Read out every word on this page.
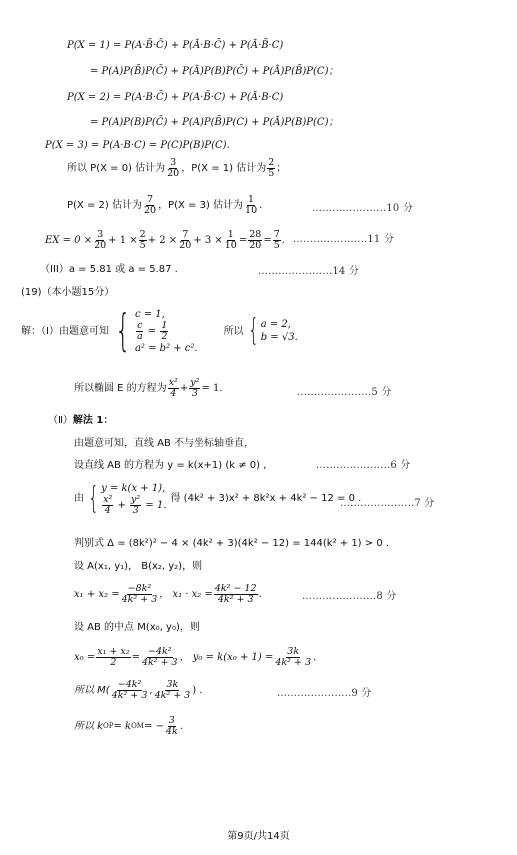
P(X = 1) = P(A·B̄·C̄) + P(Ā·B·C̄) + P(Ā·B̄·C)
= P(A)P(B̄)P(C̄) + P(Ā)P(B)P(C̄) + P(Ā)P(B̄)P(C)；
P(X = 2) = P(A·B·C̄) + P(A·B̄·C) + P(Ā·B·C)
= P(A)P(B)P(C̄) + P(A)P(B̄)P(C) + P(Ā)P(B)P(C)；
P(X = 3) = P(A·B·C) = P(C)P(B)P(C).
所以 P(X = 0) 估计为 $\frac{3}{20}$ ，P(X = 1) 估计为 $\frac{2}{5}$ ；
P(X = 2) 估计为 $\frac{7}{20}$ ，P(X = 3) 估计为 $\frac{1}{10}$ .	......................10 分
EX = $0 \times \frac{3}{20} + 1 \times \frac{2}{5} + 2 \times \frac{7}{20} + 3 \times \frac{1}{10} = \frac{28}{20} = \frac{7}{5}$ . ......................11 分
（III）a = 5.81 或 a = 5.87 .	......................14 分
(19)（本小题15分）
解：（Ⅰ）由题意可知 { c = 1,
$\frac{c}{a} = \frac{1}{2}$
a² = b² + c².
所以 { a = 2,
b = √3.
所以椭圆 E 的方程为 $\frac{\text{x²}}{4} + \frac{\text{y²}}{3} = 1$.	......................5 分
（Ⅱ） 解法 1：
由题意可知，直线 AB 不与坐标轴垂直，
设直线 AB 的方程为 y = k(x+1) (k ≠ 0) ,	......................6 分
由 { y = k(x + 1),
$\frac{\text{x²}}{4} + \frac{\text{y²}}{3} = 1$.
得 (4k² + 3)x² + 8k²x + 4k² − 12 = 0 .
......................7 分
判别式 Δ = (8k²)² − 4 × (4k² + 3)(4k² − 12) = 144(k² + 1) > 0 .
设 A(x₁, y₁)， B(x₂, y₂)，则
$x_1 + x_2 = \frac{\text{−8k²}}{\text{4k² + 3}}$ ， $x_1 \cdot x_2 = \frac{\text{4k² − 12}}{\text{4k² + 3}}$ .	......................8 分
设 AB 的中点 M(x₀, y₀)，则
$x_0 = \frac{\text{x₁ + x₂}}{2} = \frac{\text{−4k²}}{\text{4k² + 3}}$ ， $y_0 = k(x_0 + 1) = \frac{3k}{\text{4k² + 3}}$ .
所以 $M( \frac{\text{−4k²}}{\text{4k² + 3}}$ , $\frac{3k}{\text{4k² + 3}}$ ) .	......................9 分
所以 k OP = k OM = − $\frac{3}{4k}$ .
第9页/共14页
